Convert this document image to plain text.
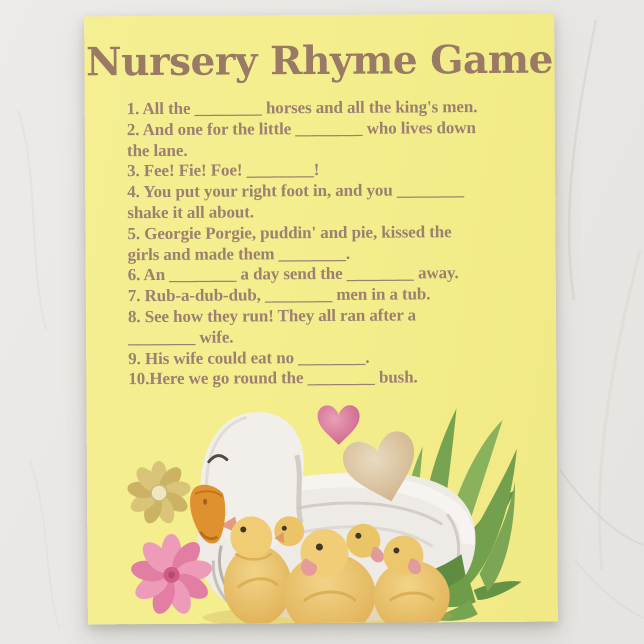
Nursery Rhyme Game
1. All the ________ horses and all the king's men.
2. And one for the little ________ who lives down
the lane.
3. Fee! Fie! Foe! ________!
4. You put your right foot in, and you ________
shake it all about.
5. Georgie Porgie, puddin' and pie, kissed the
girls and made them ________.
6. An ________ a day send the ________ away.
7. Rub-a-dub-dub, ________ men in a tub.
8. See how they run! They all ran after a
________ wife.
9. His wife could eat no ________.
10.Here we go round the ________ bush.
